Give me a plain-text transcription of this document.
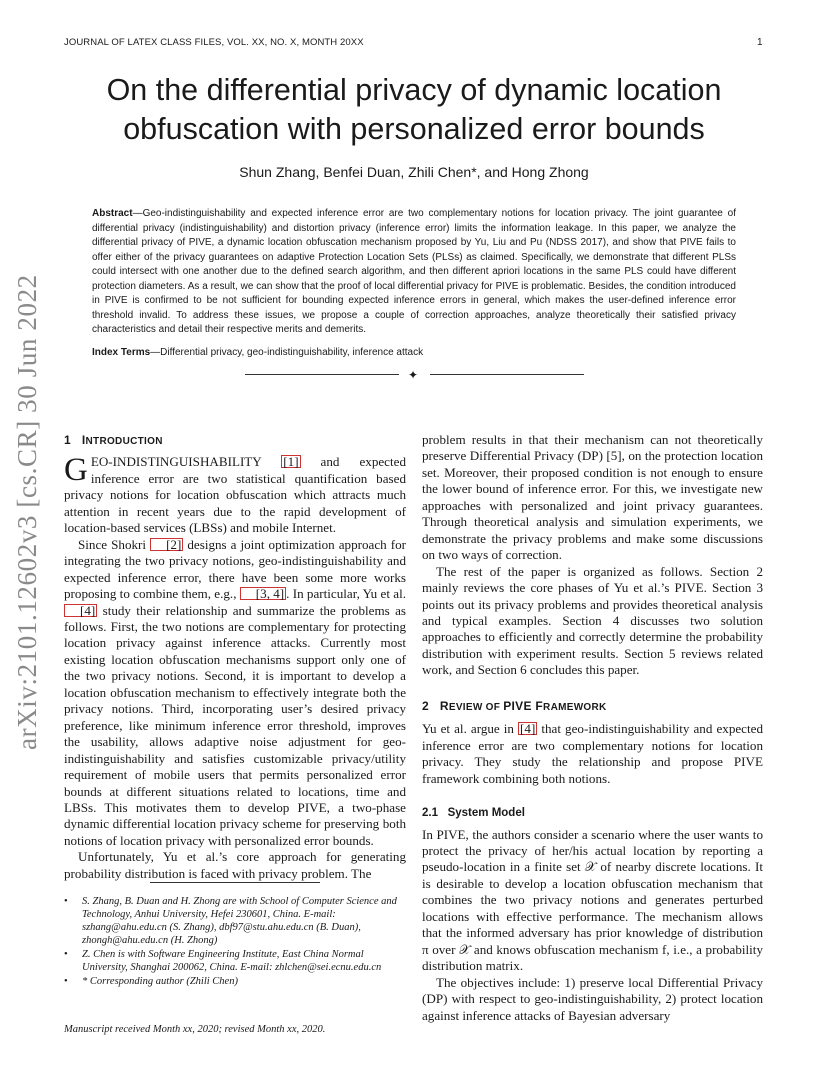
JOURNAL OF LATEX CLASS FILES, VOL. XX, NO. X, MONTH 20XX	1
arXiv:2101.12602v3 [cs.CR] 30 Jun 2022
On the differential privacy of dynamic location obfuscation with personalized error bounds
Shun Zhang, Benfei Duan, Zhili Chen*, and Hong Zhong
Abstract—Geo-indistinguishability and expected inference error are two complementary notions for location privacy. The joint guarantee of differential privacy (indistinguishability) and distortion privacy (inference error) limits the information leakage. In this paper, we analyze the differential privacy of PIVE, a dynamic location obfuscation mechanism proposed by Yu, Liu and Pu (NDSS 2017), and show that PIVE fails to offer either of the privacy guarantees on adaptive Protection Location Sets (PLSs) as claimed. Specifically, we demonstrate that different PLSs could intersect with one another due to the defined search algorithm, and then different apriori locations in the same PLS could have different protection diameters. As a result, we can show that the proof of local differential privacy for PIVE is problematic. Besides, the condition introduced in PIVE is confirmed to be not sufficient for bounding expected inference errors in general, which makes the user-defined inference error threshold invalid. To address these issues, we propose a couple of correction approaches, analyze theoretically their satisfied privacy characteristics and detail their respective merits and demerits.
Index Terms—Differential privacy, geo-indistinguishability, inference attack
✦
1 INTRODUCTION

GEO-INDISTINGUISHABILITY [1] and expected inference error are two statistical quantification based privacy notions for location obfuscation which attracts much attention in recent years due to the rapid development of location-based services (LBSs) and mobile Internet.

Since Shokri [2] designs a joint optimization approach for integrating the two privacy notions, geo-indistinguishability and expected inference error, there have been some more works proposing to combine them, e.g., [3, 4] . In particular, Yu et al. [4] study their relationship and summarize the problems as follows. First, the two notions are complementary for protecting location privacy against inference attacks. Currently most existing location obfuscation mechanisms support only one of the two privacy notions. Second, it is important to develop a location obfuscation mechanism to effectively integrate both the privacy notions. Third, incorporating user’s desired privacy preference, like minimum inference error threshold, improves the usability, allows adaptive noise adjustment for geo-indistinguishability and satisfies customizable privacy/utility requirement of mobile users that permits personalized error bounds at different situations related to locations, time and LBSs. This motivates them to develop PIVE, a two-phase dynamic differential location privacy scheme for preserving both notions of location privacy with personalized error bounds.

Unfortunately, Yu et al.’s core approach for generating probability distribution is faced with privacy problem. The

• S. Zhang, B. Duan and H. Zhong are with School of Computer Science and Technology, Anhui University, Hefei 230601, China. E-mail: szhang@ahu.edu.cn (S. Zhang), dbf97@stu.ahu.edu.cn (B. Duan), zhongh@ahu.edu.cn (H. Zhong)
• Z. Chen is with Software Engineering Institute, East China Normal University, Shanghai 200062, China. E-mail: zhlchen@sei.ecnu.edu.cn
• * Corresponding author (Zhili Chen)
Manuscript received Month xx, 2020; revised Month xx, 2020.

problem results in that their mechanism can not theoretically preserve Differential Privacy (DP) [5], on the protection location set. Moreover, their proposed condition is not enough to ensure the lower bound of inference error. For this, we investigate new approaches with personalized and joint privacy guarantees. Through theoretical analysis and simulation experiments, we demonstrate the privacy problems and make some discussions on two ways of correction.

The rest of the paper is organized as follows. Section 2 mainly reviews the core phases of Yu et al.’s PIVE. Section 3 points out its privacy problems and provides theoretical analysis and typical examples. Section 4 discusses two solution approaches to efficiently and correctly determine the probability distribution with experiment results. Section 5 reviews related work, and Section 6 concludes this paper.

2 REVIEW OF PIVE FRAMEWORK

Yu et al. argue in [4] that geo-indistinguishability and expected inference error are two complementary notions for location privacy. They study the relationship and propose PIVE framework combining both notions.

2.1 System Model

In PIVE, the authors consider a scenario where the user wants to protect the privacy of her/his actual location by reporting a pseudo-location in a finite set 𝒳 of nearby discrete locations. It is desirable to develop a location obfuscation mechanism that combines the two privacy notions and generates perturbed locations with effective performance. The mechanism allows that the informed adversary has prior knowledge of distribution π over 𝒳 and knows obfuscation mechanism f, i.e., a probability distribution matrix.

The objectives include: 1) preserve local Differential Privacy (DP) with respect to geo-indistinguishability, 2) protect location against inference attacks of Bayesian adversary
